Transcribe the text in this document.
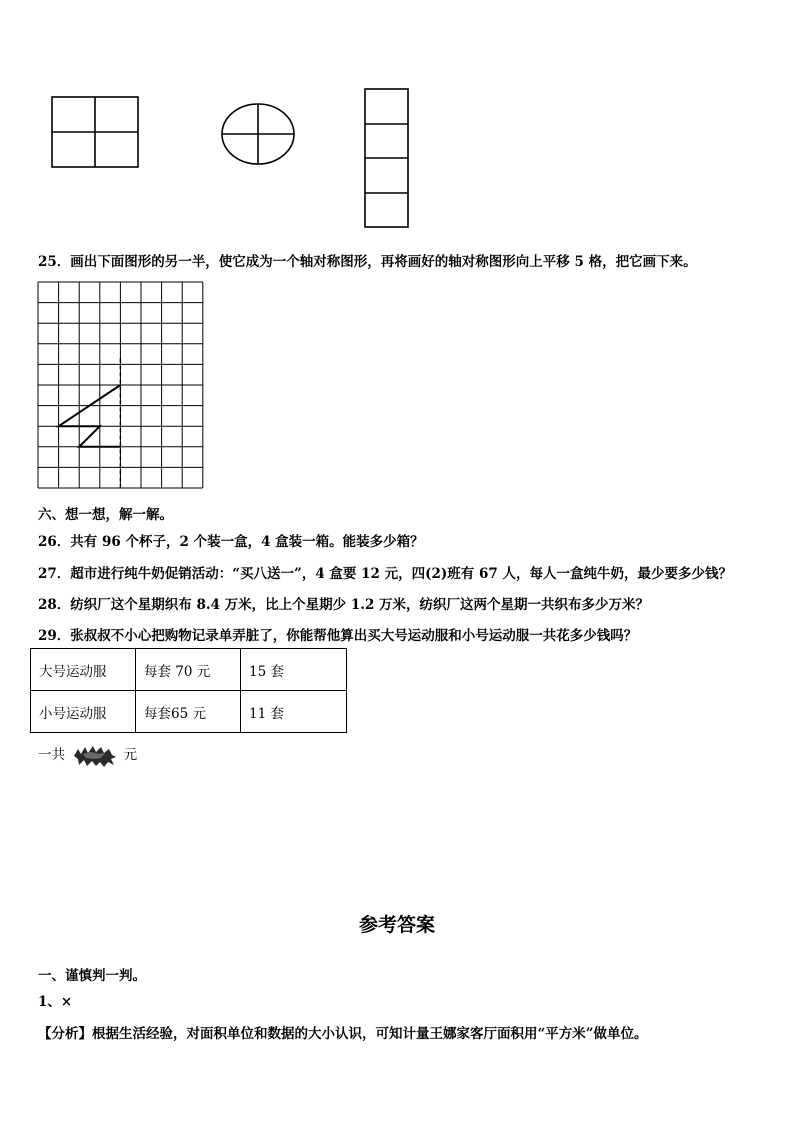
25．画出下面图形的另一半，使它成为一个轴对称图形，再将画好的轴对称图形向上平移 5 格，把它画下来。
六、想一想，解一解。
26．共有 96 个杯子，2 个装一盒，4 盒装一箱。能装多少箱？
27．超市进行纯牛奶促销活动：“买八送一”，4 盒要 12 元，四(2)班有 67 人，每人一盒纯牛奶，最少要多少钱？
28．纺织厂这个星期织布 8.4 万米，比上个星期少 1.2 万米，纺织厂这两个星期一共织布多少万米？
29．张叔叔不小心把购物记录单弄脏了，你能帮他算出买大号运动服和小号运动服一共花多少钱吗？
大号运动服	每套 70 元	15 套
小号运动服	每套65 元	11 套
一共	元
参考答案
一、谨慎判一判。
1、×
【分析】根据生活经验，对面积单位和数据的大小认识，可知计量王娜家客厅面积用“平方米”做单位。
